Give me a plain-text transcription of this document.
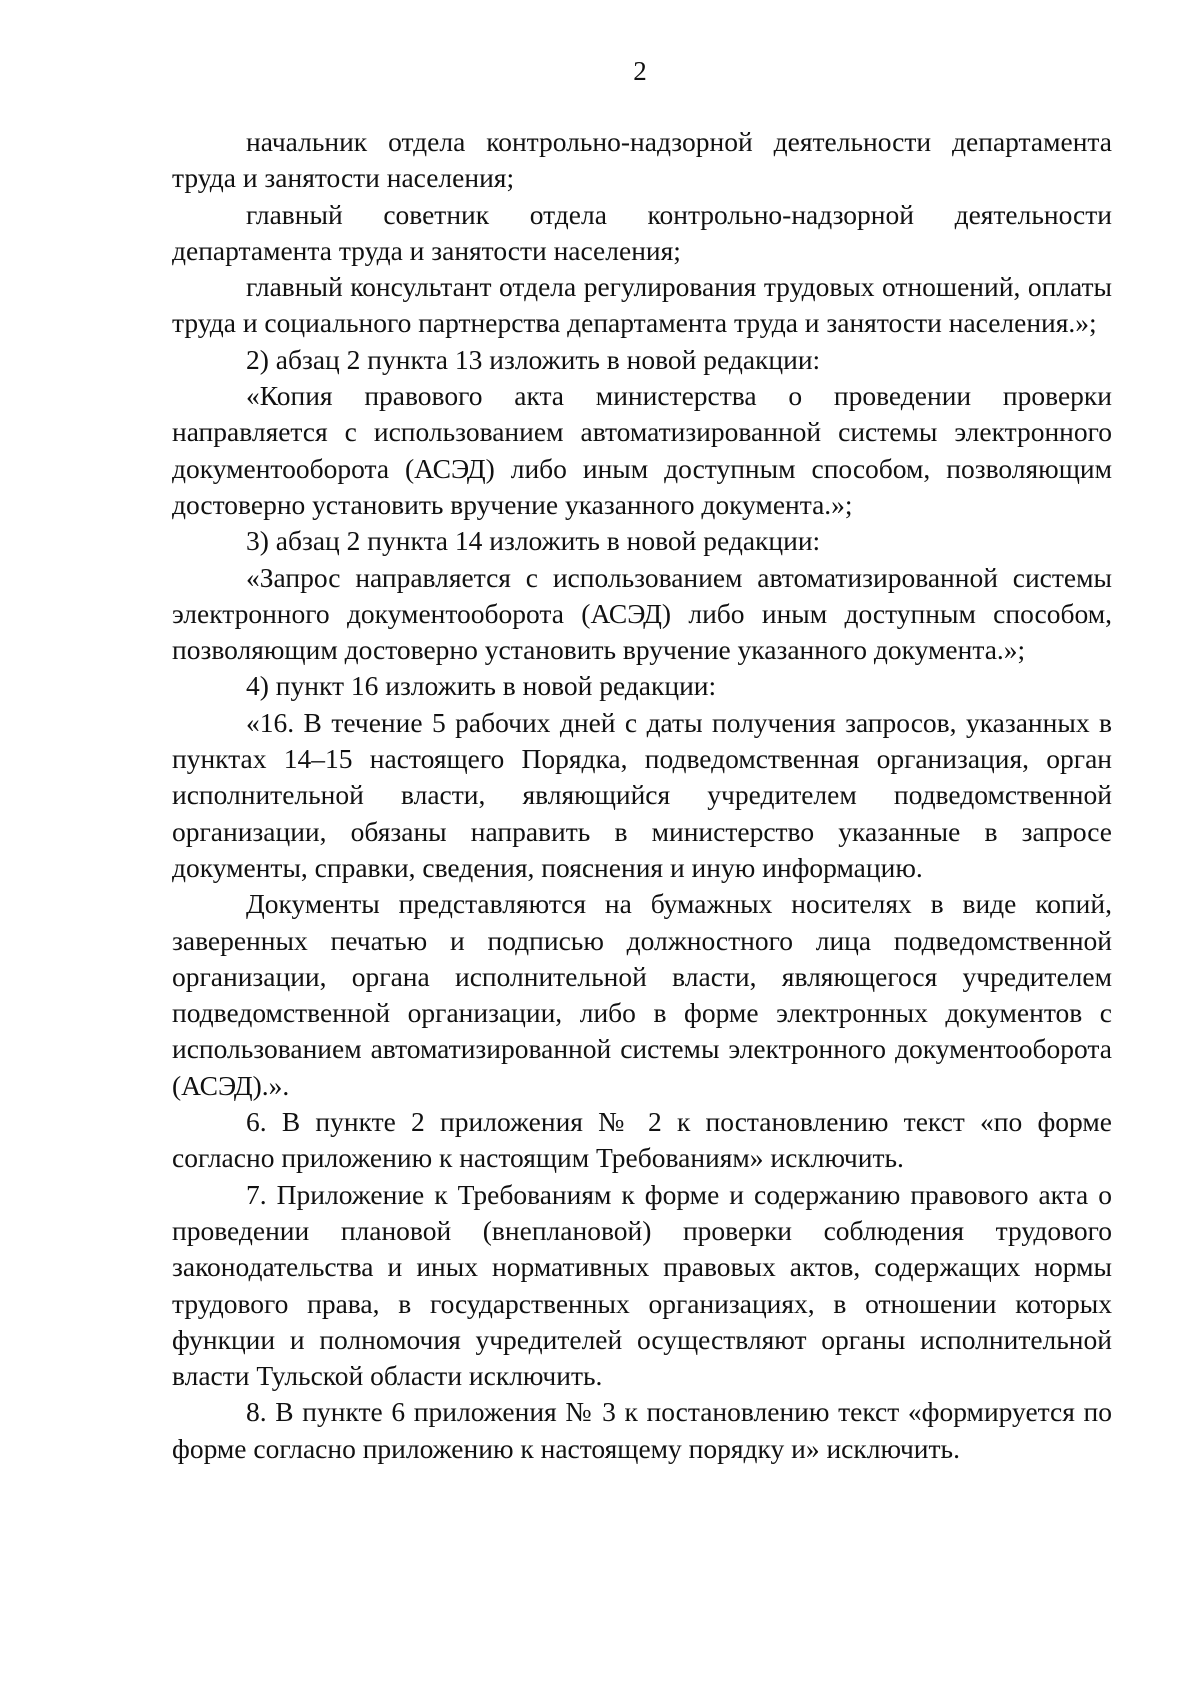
2

начальник отдела контрольно-надзорной деятельности департамента труда и занятости населения;

главный советник отдела контрольно-надзорной деятельности департамента труда и занятости населения;

главный консультант отдела регулирования трудовых отношений, оплаты труда и социального партнерства департамента труда и занятости населения.»;

2) абзац 2 пункта 13 изложить в новой редакции:

«Копия правового акта министерства о проведении проверки направляется с использованием автоматизированной системы электронного документооборота (АСЭД) либо иным доступным способом, позволяющим достоверно установить вручение указанного документа.»;

3) абзац 2 пункта 14 изложить в новой редакции:

«Запрос направляется с использованием автоматизированной системы электронного документооборота (АСЭД) либо иным доступным способом, позволяющим достоверно установить вручение указанного документа.»;

4) пункт 16 изложить в новой редакции:

«16. В течение 5 рабочих дней с даты получения запросов, указанных в пунктах 14–15 настоящего Порядка, подведомственная организация, орган исполнительной власти, являющийся учредителем подведомственной организации, обязаны направить в министерство указанные в запросе документы, справки, сведения, пояснения и иную информацию.

Документы представляются на бумажных носителях в виде копий, заверенных печатью и подписью должностного лица подведомственной организации, органа исполнительной власти, являющегося учредителем подведомственной организации, либо в форме электронных документов с использованием автоматизированной системы электронного документооборота (АСЭД).».

6. В пункте 2 приложения № 2 к постановлению текст «по форме согласно приложению к настоящим Требованиям» исключить.

7. Приложение к Требованиям к форме и содержанию правового акта о проведении плановой (внеплановой) проверки соблюдения трудового законодательства и иных нормативных правовых актов, содержащих нормы трудового права, в государственных организациях, в отношении которых функции и полномочия учредителей осуществляют органы исполнительной власти Тульской области исключить.

8. В пункте 6 приложения № 3 к постановлению текст «формируется по форме согласно приложению к настоящему порядку и» исключить.
